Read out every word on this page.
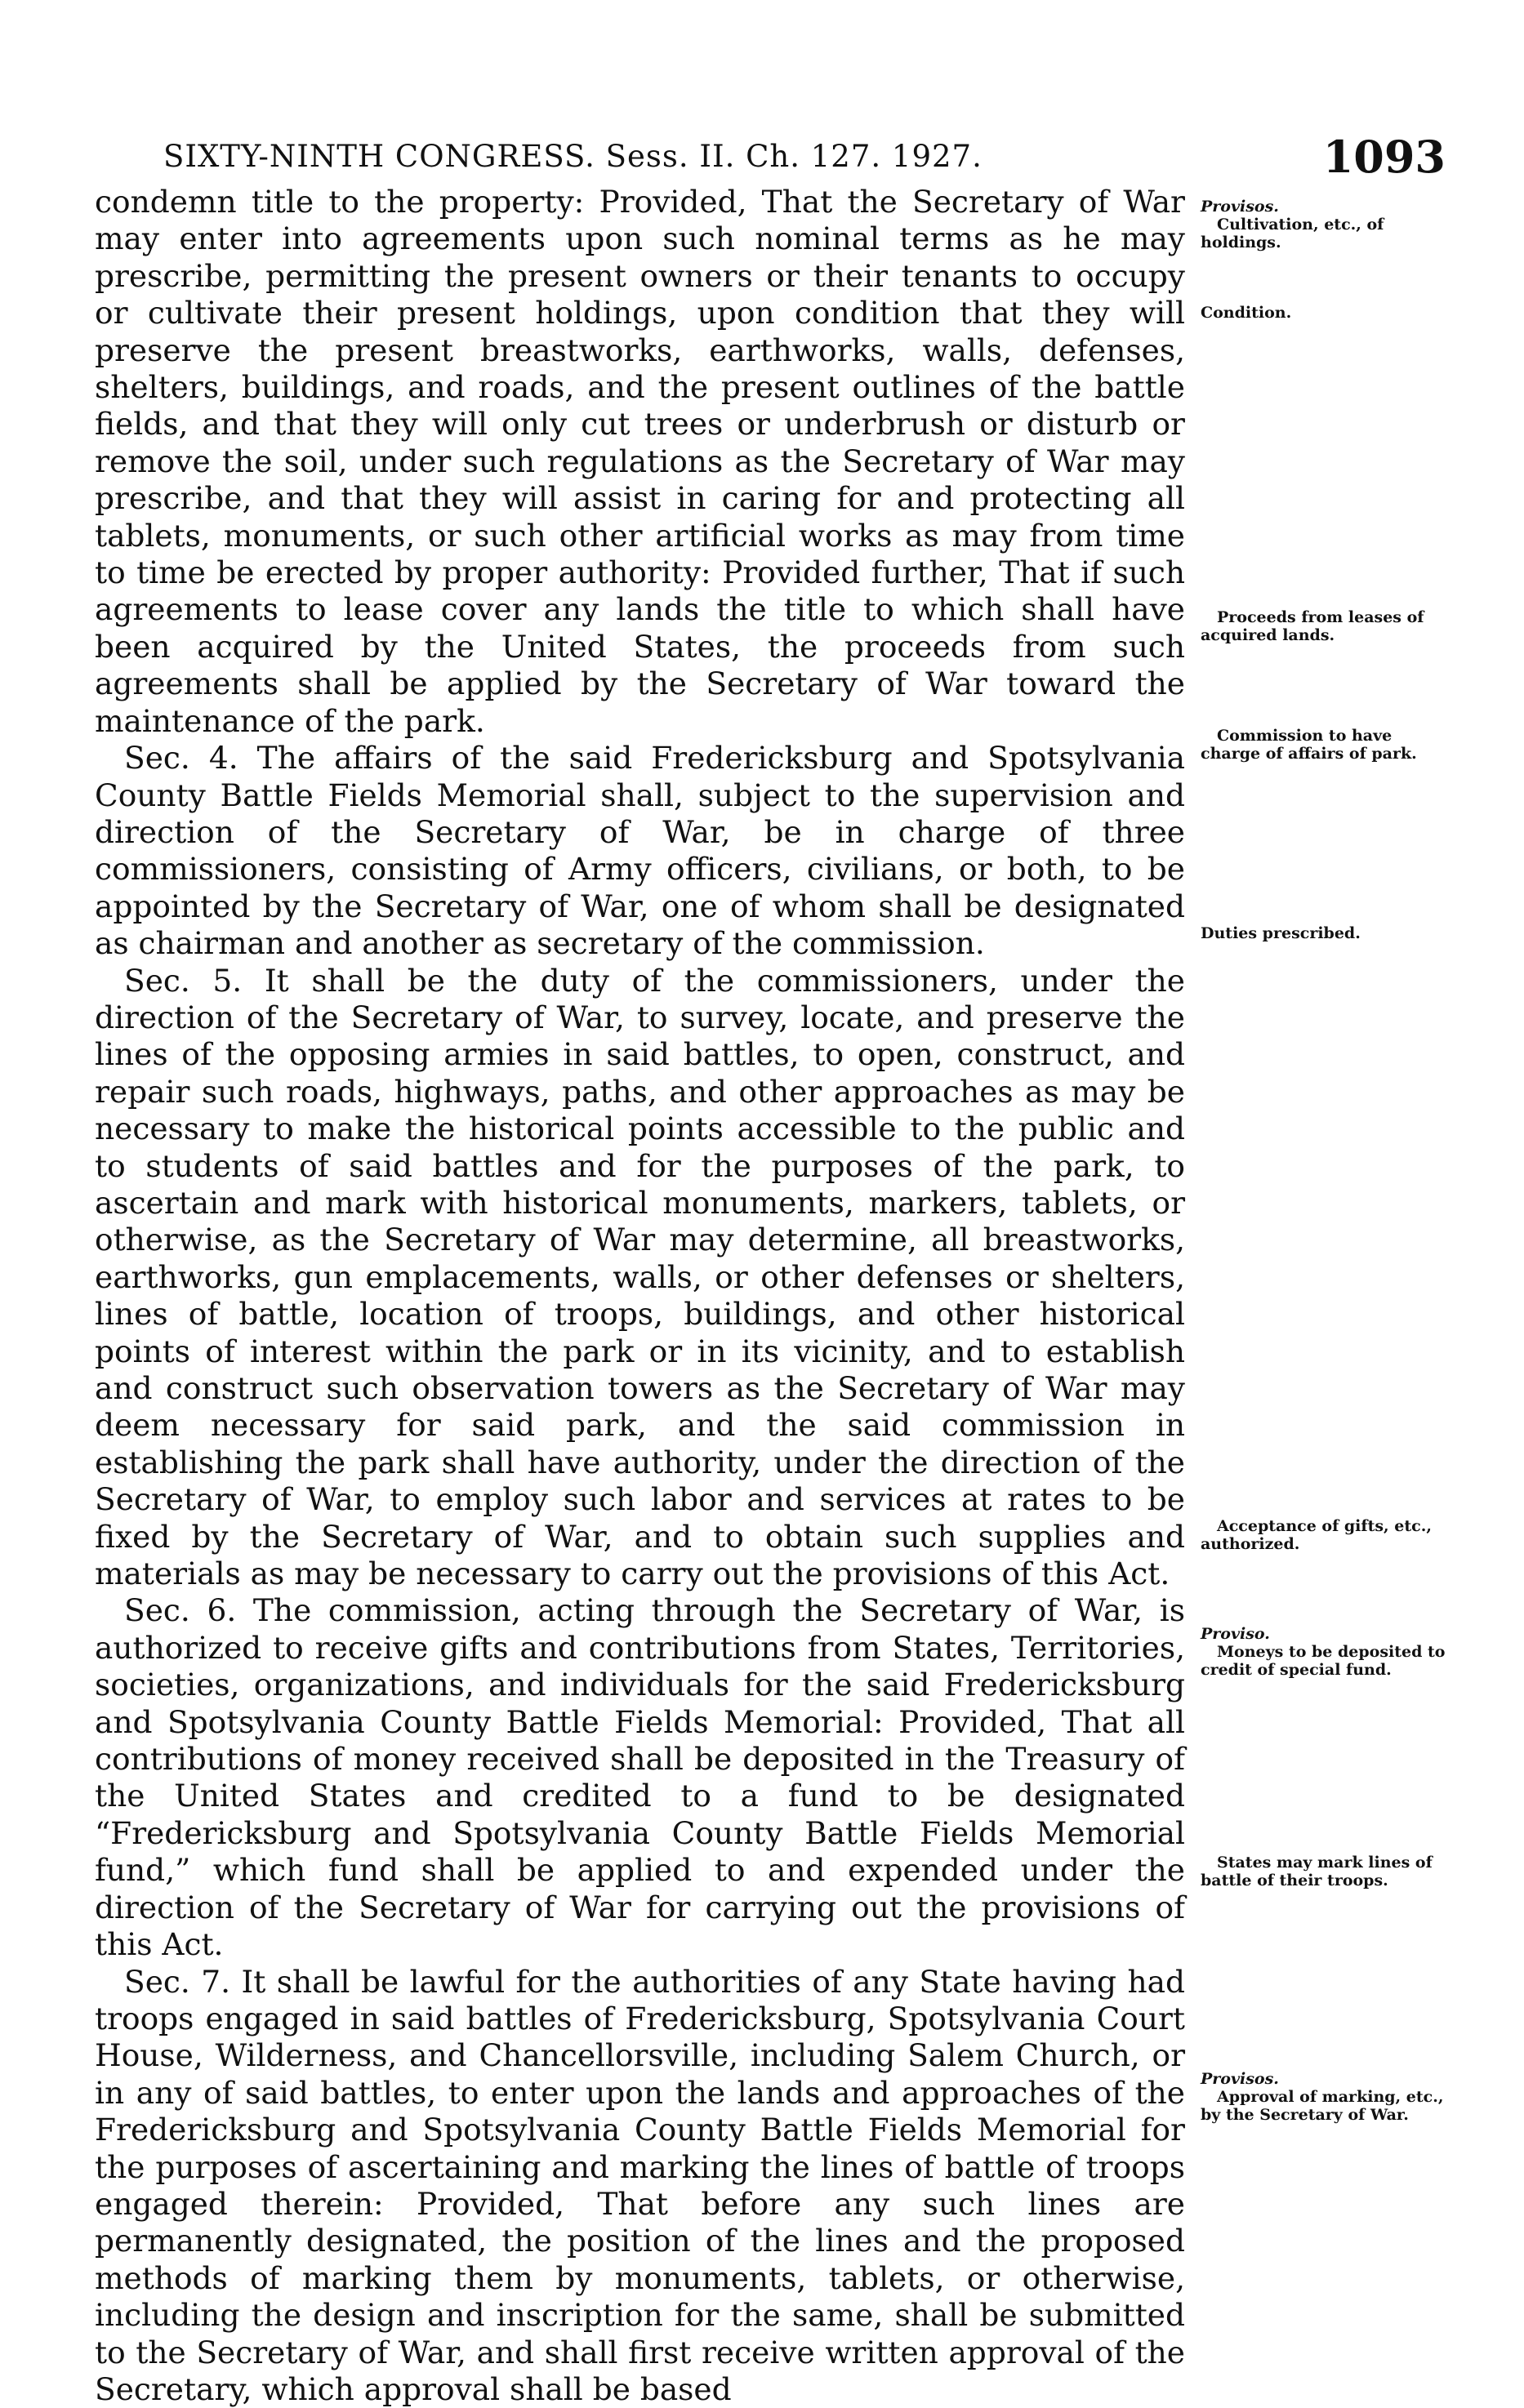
SIXTY-NINTH CONGRESS. Sess. II. Ch. 127. 1927.	1093

condemn title to the property: Provided, That the Secretary of War may enter into agreements upon such nominal terms as he may prescribe, permitting the present owners or their tenants to occupy or cultivate their present holdings, upon condition that they will preserve the present breastworks, earthworks, walls, defenses, shelters, buildings, and roads, and the present outlines of the battle fields, and that they will only cut trees or underbrush or disturb or remove the soil, under such regulations as the Secretary of War may prescribe, and that they will assist in caring for and protecting all tablets, monuments, or such other artificial works as may from time to time be erected by proper authority: Provided further, That if such agreements to lease cover any lands the title to which shall have been acquired by the United States, the proceeds from such agreements shall be applied by the Secretary of War toward the maintenance of the park.

Sec. 4. The affairs of the said Fredericksburg and Spotsylvania County Battle Fields Memorial shall, subject to the supervision and direction of the Secretary of War, be in charge of three commissioners, consisting of Army officers, civilians, or both, to be appointed by the Secretary of War, one of whom shall be designated as chairman and another as secretary of the commission.

Sec. 5. It shall be the duty of the commissioners, under the direction of the Secretary of War, to survey, locate, and preserve the lines of the opposing armies in said battles, to open, construct, and repair such roads, highways, paths, and other approaches as may be necessary to make the historical points accessible to the public and to students of said battles and for the purposes of the park, to ascertain and mark with historical monuments, markers, tablets, or otherwise, as the Secretary of War may determine, all breastworks, earthworks, gun emplacements, walls, or other defenses or shelters, lines of battle, location of troops, buildings, and other historical points of interest within the park or in its vicinity, and to establish and construct such observation towers as the Secretary of War may deem necessary for said park, and the said commission in establishing the park shall have authority, under the direction of the Secretary of War, to employ such labor and services at rates to be fixed by the Secretary of War, and to obtain such supplies and materials as may be necessary to carry out the provisions of this Act.

Sec. 6. The commission, acting through the Secretary of War, is authorized to receive gifts and contributions from States, Territories, societies, organizations, and individuals for the said Fredericksburg and Spotsylvania County Battle Fields Memorial: Provided, That all contributions of money received shall be deposited in the Treasury of the United States and credited to a fund to be designated “Fredericksburg and Spotsylvania County Battle Fields Memorial fund,” which fund shall be applied to and expended under the direction of the Secretary of War for carrying out the provisions of this Act.

Sec. 7. It shall be lawful for the authorities of any State having had troops engaged in said battles of Fredericksburg, Spotsylvania Court House, Wilderness, and Chancellorsville, including Salem Church, or in any of said battles, to enter upon the lands and approaches of the Fredericksburg and Spotsylvania County Battle Fields Memorial for the purposes of ascertaining and marking the lines of battle of troops engaged therein: Provided, That before any such lines are permanently designated, the position of the lines and the proposed methods of marking them by monuments, tablets, or otherwise, including the design and inscription for the same, shall be submitted to the Secretary of War, and shall first receive written approval of the Secretary, which approval shall be based

Provisos.
Cultivation, etc., of holdings.
Condition.
Proceeds from leases of acquired lands.
Commission to have charge of affairs of park.
Duties prescribed.
Acceptance of gifts, etc., authorized.
Proviso.
Moneys to be deposited to credit of special fund.
States may mark lines of battle of their troops.
Provisos.
Approval of marking, etc., by the Secretary of War.
